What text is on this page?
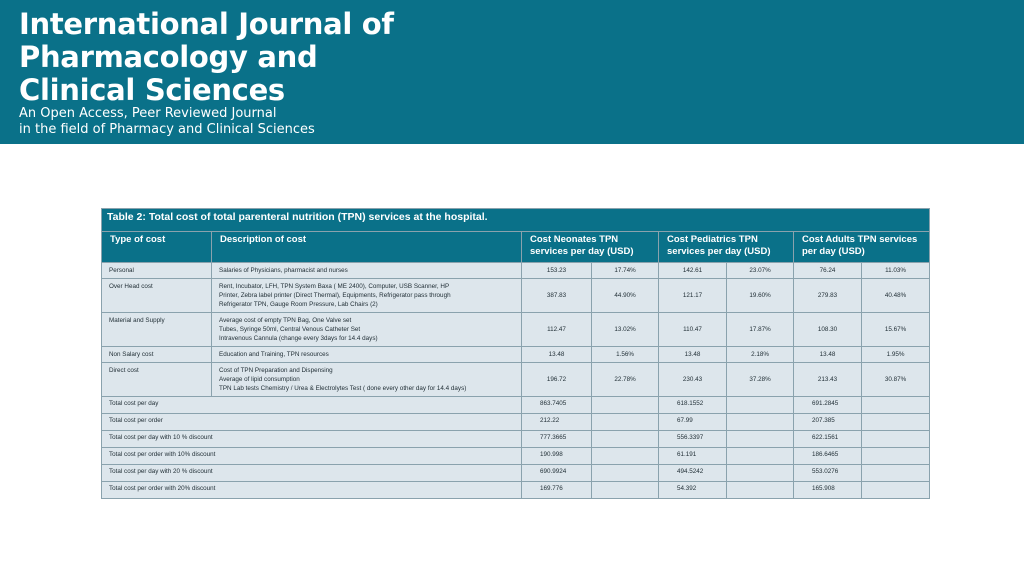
International Journal of
Pharmacology and
Clinical Sciences
An Open Access, Peer Reviewed Journal
in the field of Pharmacy and Clinical Sciences
Table 2: Total cost of total parenteral nutrition (TPN) services at the hospital.							
Type of cost	Description of cost	Cost Neonates TPN services per day (USD)		Cost Pediatrics TPN services per day (USD)		Cost Adults TPN services per day (USD)	
Personal	Salaries of Physicians, pharmacist and nurses	153.23	17.74%	142.61	23.07%	76.24	11.03%
Over Head cost	Rent, Incubator, LFH, TPN System Baxa ( ME 2400), Computer, USB Scanner, HP
Printer, Zebra label printer (Direct Thermal), Equipments, Refrigerator pass through
Refrigerator TPN, Gauge Room Pressure, Lab Chairs (2)	387.83	44.90%	121.17	19.60%	279.83	40.48%
Material and Supply	Average cost of empty TPN Bag, One Valve set
Tubes, Syringe 50ml, Central Venous Catheter Set
Intravenous Cannula (change every 3days for 14.4 days)	112.47	13.02%	110.47	17.87%	108.30	15.67%
Non Salary cost	Education and Training, TPN resources	13.48	1.56%	13.48	2.18%	13.48	1.95%
Direct cost	Cost of TPN Preparation and Dispensing
Average of lipid consumption
TPN Lab tests Chemistry / Urea & Electrolytes Test ( done every other day for 14.4 days)	196.72	22.78%	230.43	37.28%	213.43	30.87%
Total cost per day		863.7405		618.1552		691.2845	
Total cost per order		212.22		67.99		207.385	
Total cost per day with 10 % discount		777.3665		556.3397		622.1561	
Total cost per order with 10% discount		190.998		61.191		186.6465	
Total cost per day with 20 % discount		690.9924		494.5242		553.0276	
Total cost per order with 20% discount		169.776		54.392		165.908	
